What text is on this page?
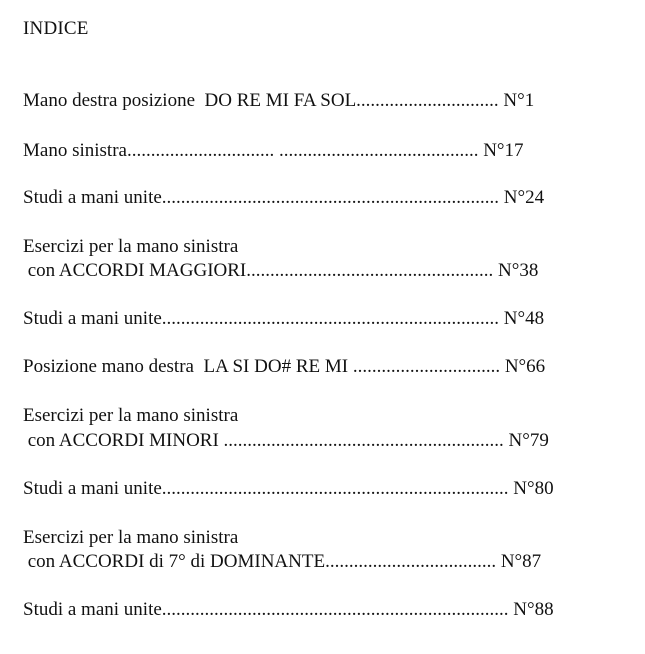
INDICE
Mano destra posizione  DO RE MI FA SOL.............................. N°1
Mano sinistra............................... .......................................... N°17
Studi a mani unite....................................................................... N°24
Esercizi per la mano sinistra
con ACCORDI MAGGIORI.................................................... N°38
Studi a mani unite....................................................................... N°48
Posizione mano destra  LA SI DO# RE MI ............................... N°66
Esercizi per la mano sinistra
con ACCORDI MINORI ........................................................... N°79
Studi a mani unite......................................................................... N°80
Esercizi per la mano sinistra
con ACCORDI di 7° di DOMINANTE.................................... N°87
Studi a mani unite......................................................................... N°88
